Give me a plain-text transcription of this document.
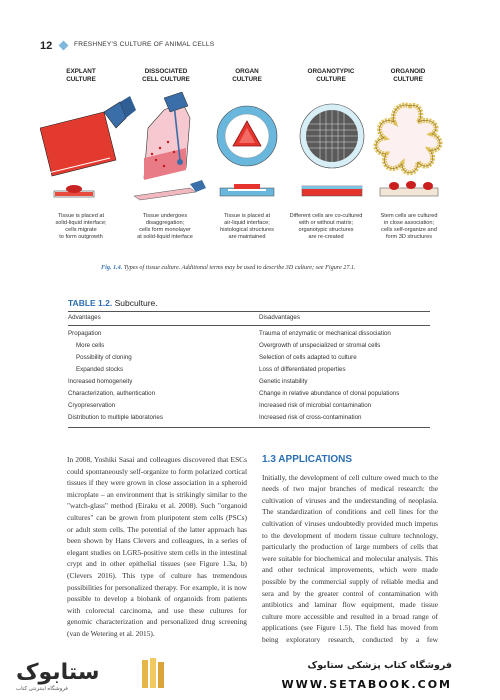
12	FRESHNEY'S CULTURE OF ANIMAL CELLS
EXPLANT
CULTURE
DISSOCIATED
CELL CULTURE
ORGAN
CULTURE
ORGANOTYPIC
CULTURE
ORGANOID
CULTURE
Tissue is placed at
solid-liquid interface;
cells migrate
to form outgrowth
Tissue undergoes
disaggregation;
cells form monolayer
at solid-liquid interface
Tissue is placed at
air-liquid interface;
histological structures
are maintained
Different cells are co-cultured
with or without matrix;
organotypic structures
are re-created
Stem cells are cultured
in close association;
cells self-organize and
form 3D structures
Fig. 1.4. Types of tissue culture. Additional terms may be used to describe 3D culture; see Figure 27.1.
TABLE 1.2. Subculture.
Advantages	Disadvantages
Propagation	Trauma of enzymatic or mechanical dissociation
More cells	Overgrowth of unspecialized or stromal cells
Possibility of cloning	Selection of cells adapted to culture
Expanded stocks	Loss of differentiated properties
Increased homogeneity	Genetic instability
Characterization, authentication	Change in relative abundance of clonal populations
Cryopreservation	Increased risk of microbial contamination
Distribution to multiple laboratories	Increased risk of cross-contamination
In 2008, Yoshiki Sasai and colleagues discovered that ESCs could spontaneously self-organize to form polarized cortical tissues if they were grown in close association in a spheroid microplate – an environment that is strikingly similar to the "watch-glass" method (Eiraku et al. 2008). Such "organoid cultures" can be grown from pluripotent stem cells (PSCs) or adult stem cells. The potential of the latter approach has been shown by Hans Clevers and colleagues, in a series of elegant studies on LGR5-positive stem cells in the intestinal crypt and in other epithelial tissues (see Figure 1.3a, b) (Clevers 2016). This type of culture has tremendous possibilities for personalized therapy. For example, it is now possible to develop a biobank of organoids from patients with colorectal carcinoma, and use these cultures for genomic characterization and personalized drug screening (van de Wetering et al. 2015).
1.3 APPLICATIONS
Initially, the development of cell culture owed much to the needs of two major branches of medical research: the cultivation of viruses and the understanding of neoplasia. The standardization of conditions and cell lines for the cultivation of viruses undoubtedly provided much impetus to the development of modern tissue culture technology, particularly the production of large numbers of cells that were suitable for biochemical and molecular analysis. This and other technical improvements, which were made possible by the commercial supply of reliable media and sera and by the greater control of contamination with antibiotics and laminar flow equipment, made tissue culture more accessible and resulted in a broad range of applications (see Figure 1.5). The field has moved from being exploratory research, conducted by a few
ستابوک
فروشگاه اینترنتی کتاب
فروشگاه کتاب پزشکی ستابوک
WWW.SETABOOK.COM
